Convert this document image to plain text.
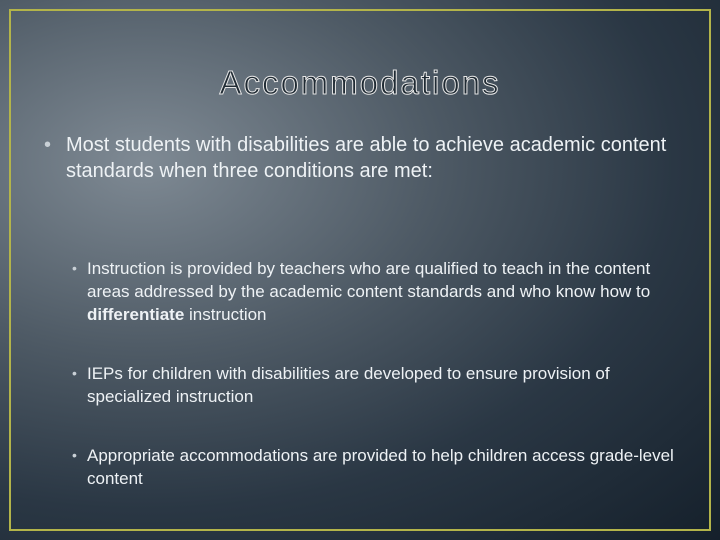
Accommodations
• Most students with disabilities are able to achieve academic content standards when three conditions are met:
• Instruction is provided by teachers who are qualified to teach in the content areas addressed by the academic content standards and who know how to differentiate instruction
• IEPs for children with disabilities are developed to ensure provision of specialized instruction
• Appropriate accommodations are provided to help children access grade-level content
